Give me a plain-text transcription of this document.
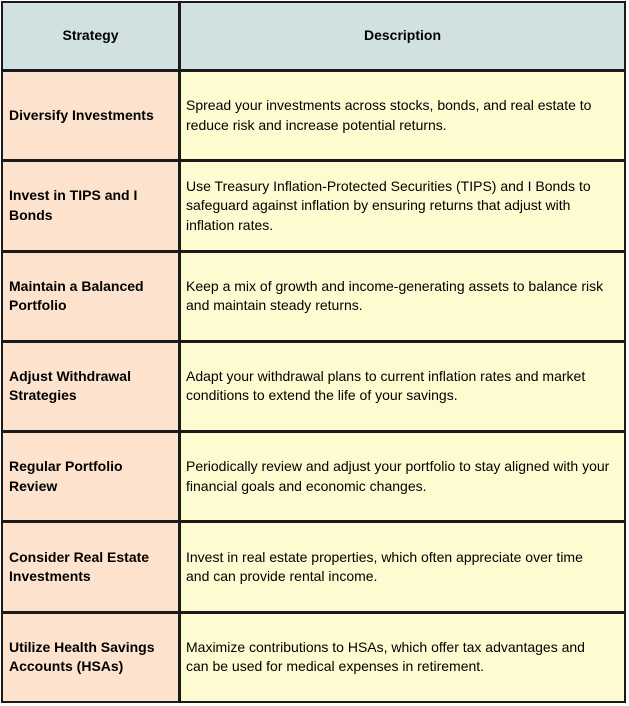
Strategy	Description
Diversify Investments
Spread your investments across stocks, bonds, and real estate to reduce risk and increase potential returns.
Invest in TIPS and I Bonds
Use Treasury Inflation-Protected Securities (TIPS) and I Bonds to safeguard against inflation by ensuring returns that adjust with inflation rates.
Maintain a Balanced Portfolio
Keep a mix of growth and income-generating assets to balance risk and maintain steady returns.
Adjust Withdrawal Strategies
Adapt your withdrawal plans to current inflation rates and market conditions to extend the life of your savings.
Regular Portfolio Review
Periodically review and adjust your portfolio to stay aligned with your financial goals and economic changes.
Consider Real Estate Investments
Invest in real estate properties, which often appreciate over time and can provide rental income.
Utilize Health Savings Accounts (HSAs)
Maximize contributions to HSAs, which offer tax advantages and can be used for medical expenses in retirement.
